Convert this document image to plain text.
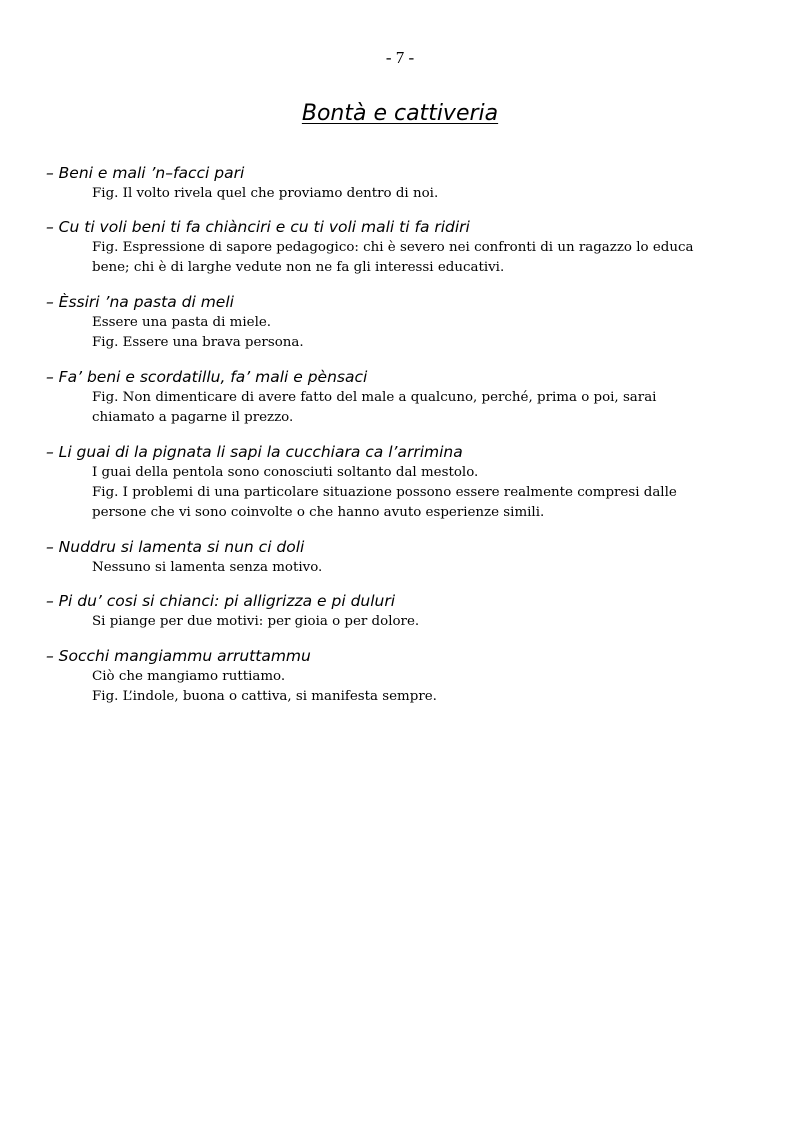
- 7 -
Bontà e cattiveria
– Beni e mali ’n–facci pari
Fig. Il volto rivela quel che proviamo dentro di noi.
– Cu ti voli beni ti fa chiànciri e cu ti voli mali ti fa ridiri
Fig. Espressione di sapore pedagogico: chi è severo nei confronti di un ragazzo lo educa
bene; chi è di larghe vedute non ne fa gli interessi educativi.
– Èssiri ’na pasta di meli
Essere una pasta di miele.
Fig. Essere una brava persona.
– Fa’ beni e scordatillu, fa’ mali e pènsaci
Fig. Non dimenticare di avere fatto del male a qualcuno, perché, prima o poi, sarai
chiamato a pagarne il prezzo.
– Li guai di la pignata li sapi la cucchiara ca l’arrimina
I guai della pentola sono conosciuti soltanto dal mestolo.
Fig. I problemi di una particolare situazione possono essere realmente compresi dalle
persone che vi sono coinvolte o che hanno avuto esperienze simili.
– Nuddru si lamenta si nun ci doli
Nessuno si lamenta senza motivo.
– Pi du’ cosi si chianci: pi alligrizza e pi duluri
Si piange per due motivi: per gioia o per dolore.
– Socchi mangiammu arruttammu
Ciò che mangiamo ruttiamo.
Fig. L’indole, buona o cattiva, si manifesta sempre.
